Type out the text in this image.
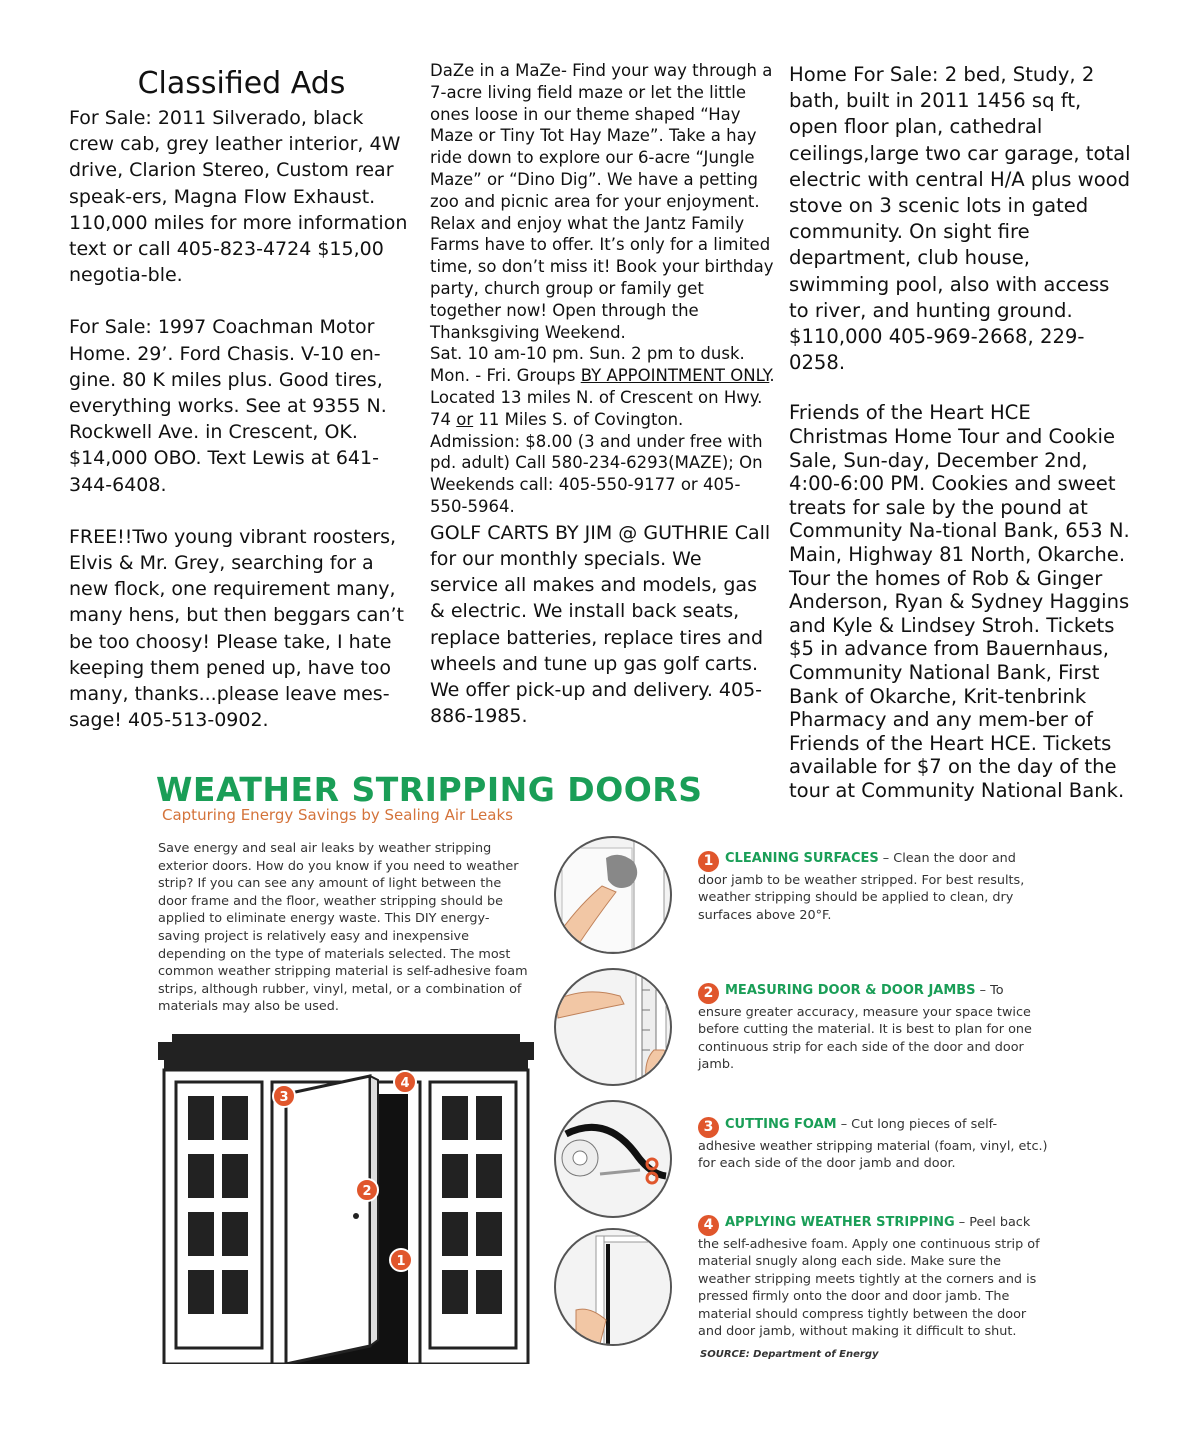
Classified Ads

For Sale: 2011 Silverado, black crew cab, grey leather interior, 4W drive, Clarion Stereo, Custom rear speak-ers, Magna Flow Exhaust. 110,000 miles for more information text or call 405-823-4724 $15,00 negotia-ble.

For Sale: 1997 Coachman Motor Home. 29’. Ford Chasis. V-10 en-gine. 80 K miles plus. Good tires, everything works. See at 9355 N. Rockwell Ave. in Crescent, OK. $14,000 OBO. Text Lewis at 641-344-6408.

FREE!!Two young vibrant roosters, Elvis & Mr. Grey, searching for a new flock, one requirement many, many hens, but then beggars can’t be too choosy! Please take, I hate keeping them pened up, have too many, thanks...please leave mes-sage! 405-513-0902.

DaZe in a MaZe- Find your way through a 7-acre living field maze or let the little ones loose in our theme shaped “Hay Maze or Tiny Tot Hay Maze”. Take a hay ride down to explore our 6-acre “Jungle Maze” or “Dino Dig”. We have a petting zoo and picnic area for your enjoyment. Relax and enjoy what the Jantz Family Farms have to offer. It’s only for a limited time, so don’t miss it! Book your birthday party, church group or family get together now! Open through the Thanksgiving Weekend.
Sat. 10 am-10 pm. Sun. 2 pm to dusk. Mon. - Fri. Groups BY APPOINTMENT ONLY. Located 13 miles N. of Crescent on Hwy. 74 or 11 Miles S. of Covington. Admission: $8.00 (3 and under free with pd. adult) Call 580-234-6293(MAZE); On Weekends call: 405-550-9177 or 405-550-5964.

GOLF CARTS BY JIM @ GUTHRIE Call for our monthly specials. We service all makes and models, gas & electric. We install back seats, replace batteries, replace tires and wheels and tune up gas golf carts. We offer pick-up and delivery. 405-886-1985.

Home For Sale: 2 bed, Study, 2 bath, built in 2011 1456 sq ft, open floor plan, cathedral ceilings,large two car garage, total electric with central H/A plus wood stove on 3 scenic lots in gated community. On sight fire department, club house, swimming pool, also with access to river, and hunting ground. $110,000 405-969-2668, 229-0258.

Friends of the Heart HCE Christmas Home Tour and Cookie Sale, Sun-day, December 2nd, 4:00-6:00 PM. Cookies and sweet treats for sale by the pound at Community Na-tional Bank, 653 N. Main, Highway 81 North, Okarche. Tour the homes of Rob & Ginger Anderson, Ryan & Sydney Haggins and Kyle & Lindsey Stroh. Tickets $5 in advance from Bauernhaus, Community National Bank, First Bank of Okarche, Krit-tenbrink Pharmacy and any mem-ber of Friends of the Heart HCE. Tickets available for $7 on the day of the tour at Community National Bank.

WEATHER STRIPPING DOORS
Capturing Energy Savings by Sealing Air Leaks
Save energy and seal air leaks by weather stripping exterior doors. How do you know if you need to weather strip? If you can see any amount of light between the door frame and the floor, weather stripping should be applied to eliminate energy waste. This DIY energy-saving project is relatively easy and inexpensive depending on the type of materials selected. The most common weather stripping material is self-adhesive foam strips, although rubber, vinyl, metal, or a combination of materials may also be used.
1
2
3
4
1 CLEANING SURFACES – Clean the door and door jamb to be weather stripped. For best results, weather stripping should be applied to clean, dry surfaces above 20°F.
2 MEASURING DOOR & DOOR JAMBS – To ensure greater accuracy, measure your space twice before cutting the material. It is best to plan for one continuous strip for each side of the door and door jamb.
3 CUTTING FOAM – Cut long pieces of self-adhesive weather stripping material (foam, vinyl, etc.) for each side of the door jamb and door.
4 APPLYING WEATHER STRIPPING – Peel back the self-adhesive foam. Apply one continuous strip of material snugly along each side. Make sure the weather stripping meets tightly at the corners and is pressed firmly onto the door and door jamb. The material should compress tightly between the door and door jamb, without making it difficult to shut.
SOURCE: Department of Energy
